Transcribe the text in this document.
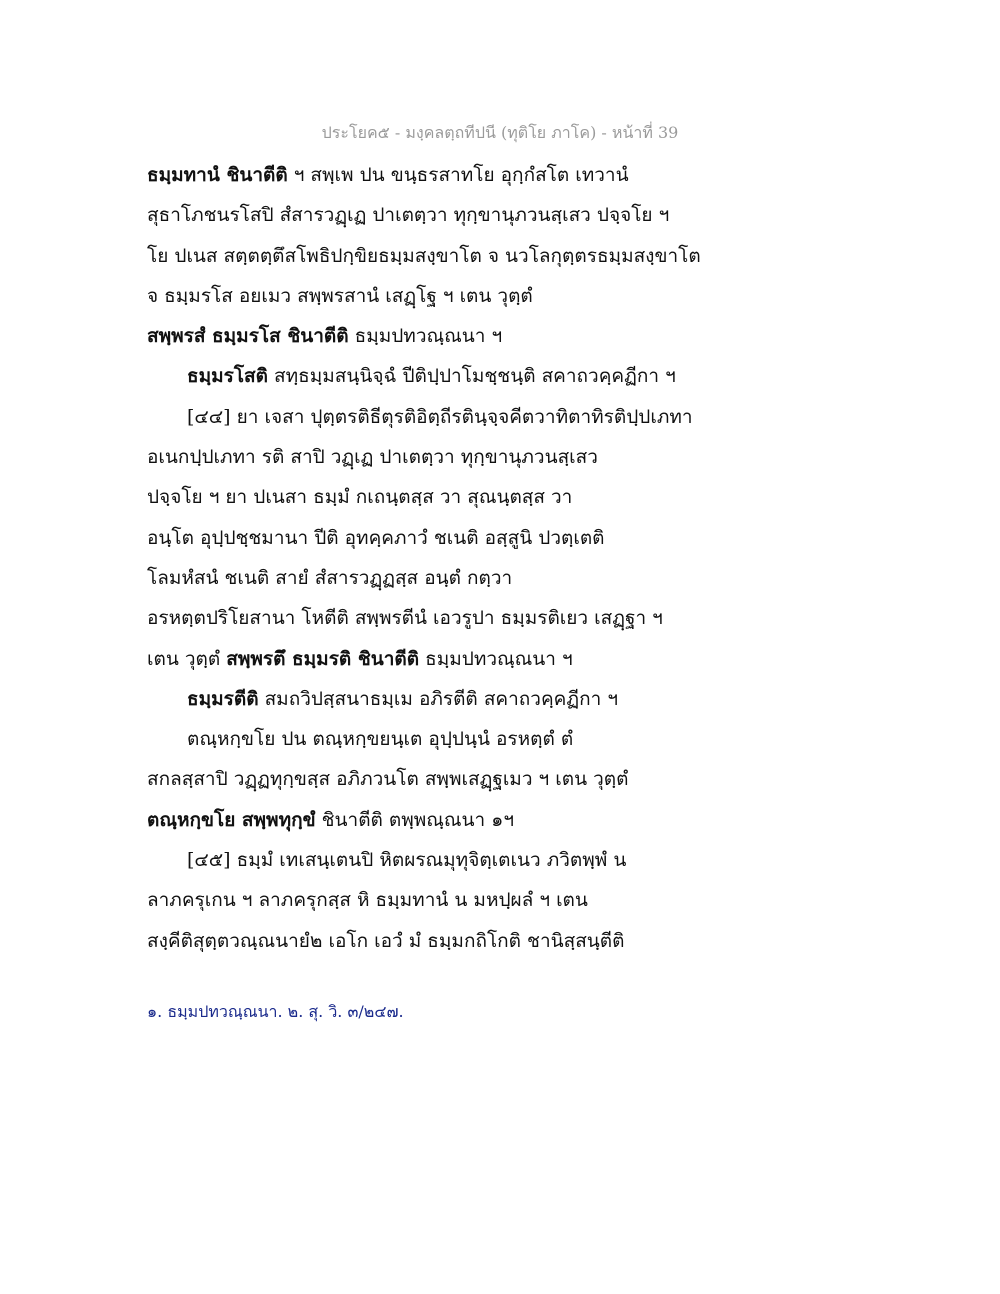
ประโยค๕ - มงฺคลตฺถทีปนี (ทุติโย ภาโค) - หน้าที่ 39
ธมฺมทานํ ชินาตีติ ฯ สพฺเพ ปน ขนฺธรสาทโย อุกฺกํสโต เทวานํ
สุธาโภชนรโสปิ สํสารวฏฺเฏ ปาเตตฺวา ทุกฺขานุภวนสฺเสว ปจฺจโย ฯ
โย ปเนส สตฺตตฺตึสโพธิปกฺขิยธมฺมสงฺขาโต จ นวโลกุตฺตรธมฺมสงฺขาโต
จ ธมฺมรโส อยเมว สพฺพรสานํ เสฏฺโฐ ฯ เตน วุตฺตํ
สพฺพรสํ ธมฺมรโส ชินาตีติ ธมฺมปทวณฺณนา ฯ
ธมฺมรโสติ สทฺธมฺมสนฺนิจฺฉํ ปีติปฺปาโมชฺชนฺติ สคาถวคฺคฏีกา ฯ
[๔๔] ยา เจสา ปุตฺตรติธีตุรติอิตฺถีรตินฺจฺจคีตวาทิตาทิรติปฺปเภทา
อเนกปฺปเภทา รติ สาปิ วฏฺเฏ ปาเตตฺวา ทุกฺขานุภวนสฺเสว
ปจฺจโย ฯ ยา ปเนสา ธมฺมํ กเถนฺตสฺส วา สุณนฺตสฺส วา
อนฺโต อุปฺปชฺชมานา ปีติ อุทคฺคภาวํ ชเนติ อสฺสูนิ ปวตฺเตติ
โลมหํสนํ ชเนติ สายํ สํสารวฏฺฏสฺส อนฺตํ กตฺวา
อรหตฺตปริโยสานา โหตีติ สพฺพรตีนํ เอวรูปา ธมฺมรติเยว เสฏฺฐา ฯ
เตน วุตฺตํ สพฺพรตึ ธมฺมรติ ชินาตีติ ธมฺมปทวณฺณนา ฯ
ธมฺมรตีติ สมถวิปสฺสนาธมฺเม อภิรตีติ สคาถวคฺคฏีกา ฯ
ตณฺหกฺขโย ปน ตณฺหกฺขยนฺเต อุปฺปนฺนํ อรหตฺตํ ตํ
สกลสฺสาปิ วฏฺฏทุกฺขสฺส อภิภวนโต สพฺพเสฏฺฐเมว ฯ เตน วุตฺตํ
ตณฺหกฺขโย สพฺพทุกฺขํ ชินาตีติ ตพฺพณฺณนา ๑ฯ
[๔๕] ธมฺมํ เทเสนฺเตนปิ หิตผรณมุทุจิตฺเตเนว ภวิตพฺพํ น
ลาภครุเกน ฯ ลาภครุกสฺส หิ ธมฺมทานํ น มหปฺผลํ ฯ เตน
สงฺคีติสุตฺตวณฺณนายํ๒ เอโก เอวํ มํ ธมฺมกถิโกติ ชานิสฺสนฺตีติ
๑. ธมฺมปทวณฺณนา. ๒. สุ. วิ. ๓/๒๔๗.
